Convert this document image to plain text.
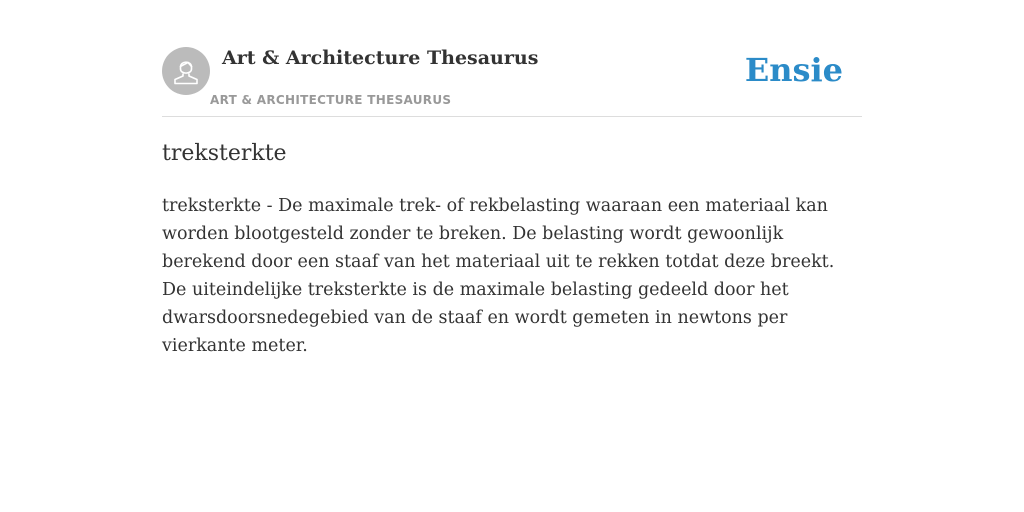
Art & Architecture Thesaurus
ART & ARCHITECTURE THESAURUS
Ensie
treksterkte

treksterkte - De maximale trek- of rekbelasting waaraan een materiaal kan worden blootgesteld zonder te breken. De belasting wordt gewoonlijk berekend door een staaf van het materiaal uit te rekken totdat deze breekt. De uiteindelijke treksterkte is de maximale belasting gedeeld door het dwarsdoorsnedegebied van de staaf en wordt gemeten in newtons per vierkante meter.
